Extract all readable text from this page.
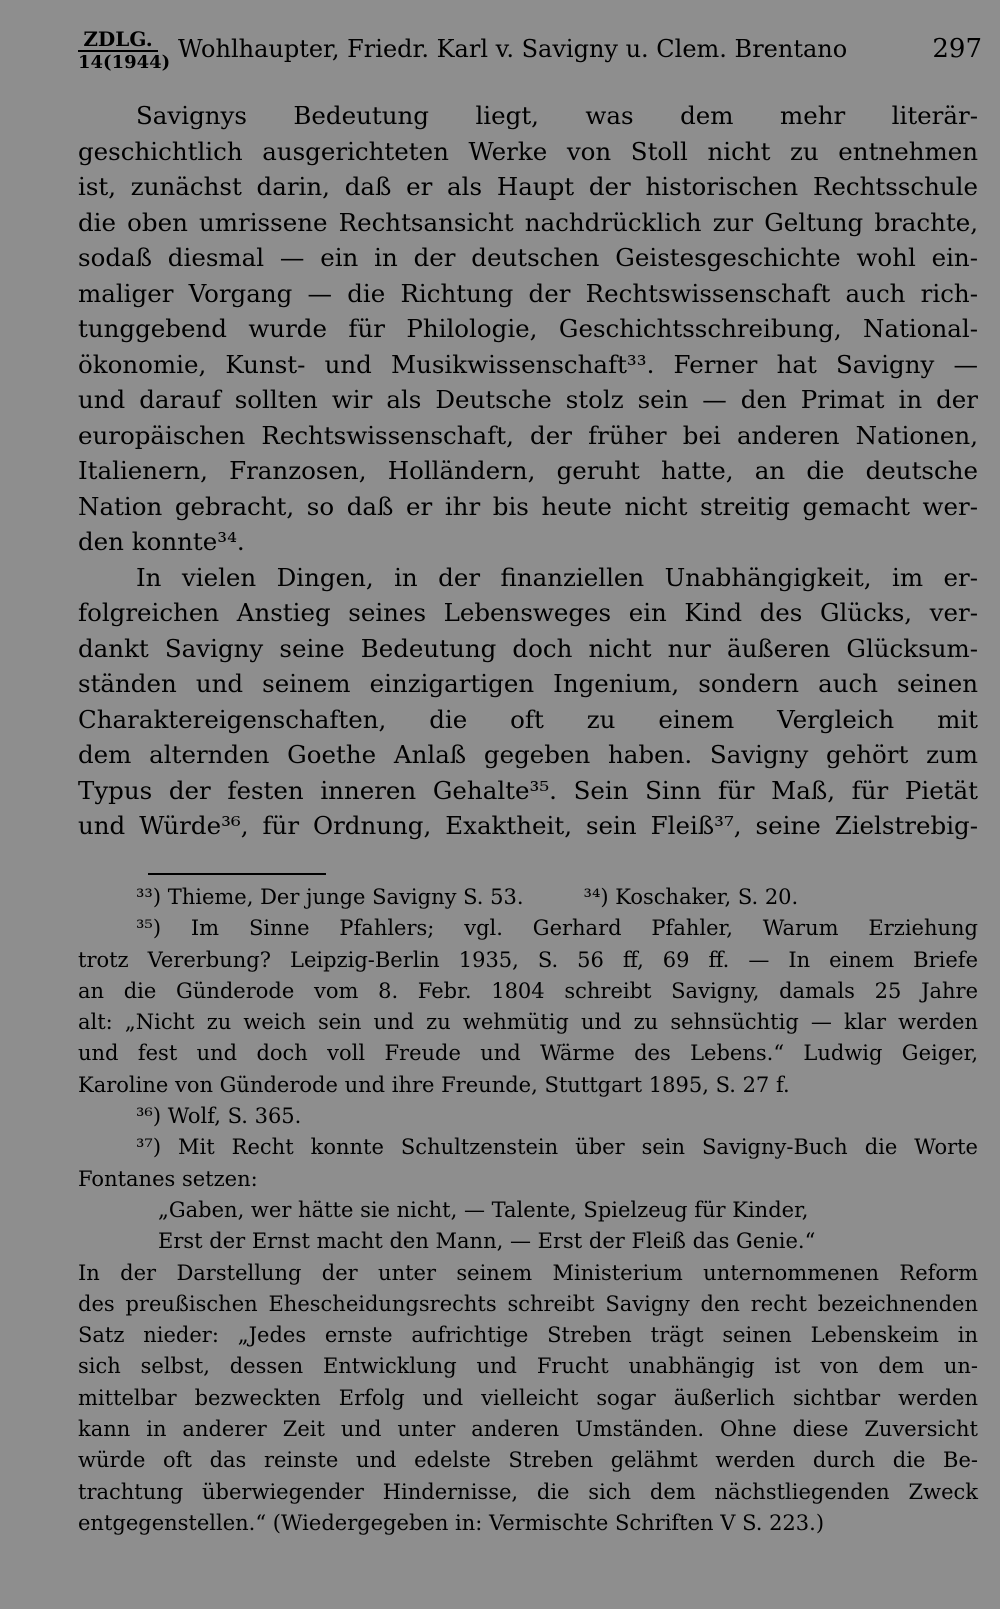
ZDLG.
14(1944) Wohlhaupter, Friedr. Karl v. Savigny u. Clem. Brentano	297
Savignys Bedeutung liegt, was dem mehr literär-
geschichtlich ausgerichteten Werke von Stoll nicht zu entnehmen
ist, zunächst darin, daß er als Haupt der historischen Rechtsschule
die oben umrissene Rechtsansicht nachdrücklich zur Geltung brachte,
sodaß diesmal — ein in der deutschen Geistesgeschichte wohl ein-
maliger Vorgang — die Richtung der Rechtswissenschaft auch rich-
tunggebend wurde für Philologie, Geschichtsschreibung, National-
ökonomie, Kunst- und Musikwissenschaft³³. Ferner hat Savigny —
und darauf sollten wir als Deutsche stolz sein — den Primat in der
europäischen Rechtswissenschaft, der früher bei anderen Nationen,
Italienern, Franzosen, Holländern, geruht hatte, an die deutsche
Nation gebracht, so daß er ihr bis heute nicht streitig gemacht wer-
den konnte³⁴.
In vielen Dingen, in der finanziellen Unabhängigkeit, im er-
folgreichen Anstieg seines Lebensweges ein Kind des Glücks, ver-
dankt Savigny seine Bedeutung doch nicht nur äußeren Glücksum-
ständen und seinem einzigartigen Ingenium, sondern auch seinen
Charaktereigenschaften, die oft zu einem Vergleich mit
dem alternden Goethe Anlaß gegeben haben. Savigny gehört zum
Typus der festen inneren Gehalte³⁵. Sein Sinn für Maß, für Pietät
und Würde³⁶, für Ordnung, Exaktheit, sein Fleiß³⁷, seine Zielstrebig-
³³) Thieme, Der junge Savigny S. 53.	³⁴) Koschaker, S. 20.
³⁵) Im Sinne Pfahlers; vgl. Gerhard Pfahler, Warum Erziehung
trotz Vererbung? Leipzig-Berlin 1935, S. 56 ff, 69 ff. — In einem Briefe
an die Günderode vom 8. Febr. 1804 schreibt Savigny, damals 25 Jahre
alt: „Nicht zu weich sein und zu wehmütig und zu sehnsüchtig — klar werden
und fest und doch voll Freude und Wärme des Lebens.“ Ludwig Geiger,
Karoline von Günderode und ihre Freunde, Stuttgart 1895, S. 27 f.
³⁶) Wolf, S. 365.
³⁷) Mit Recht konnte Schultzenstein über sein Savigny-Buch die Worte
Fontanes setzen:
„Gaben, wer hätte sie nicht, — Talente, Spielzeug für Kinder,
Erst der Ernst macht den Mann, — Erst der Fleiß das Genie.“
In der Darstellung der unter seinem Ministerium unternommenen Reform
des preußischen Ehescheidungsrechts schreibt Savigny den recht bezeichnenden
Satz nieder: „Jedes ernste aufrichtige Streben trägt seinen Lebenskeim in
sich selbst, dessen Entwicklung und Frucht unabhängig ist von dem un-
mittelbar bezweckten Erfolg und vielleicht sogar äußerlich sichtbar werden
kann in anderer Zeit und unter anderen Umständen. Ohne diese Zuversicht
würde oft das reinste und edelste Streben gelähmt werden durch die Be-
trachtung überwiegender Hindernisse, die sich dem nächstliegenden Zweck
entgegenstellen.“ (Wiedergegeben in: Vermischte Schriften V S. 223.)
